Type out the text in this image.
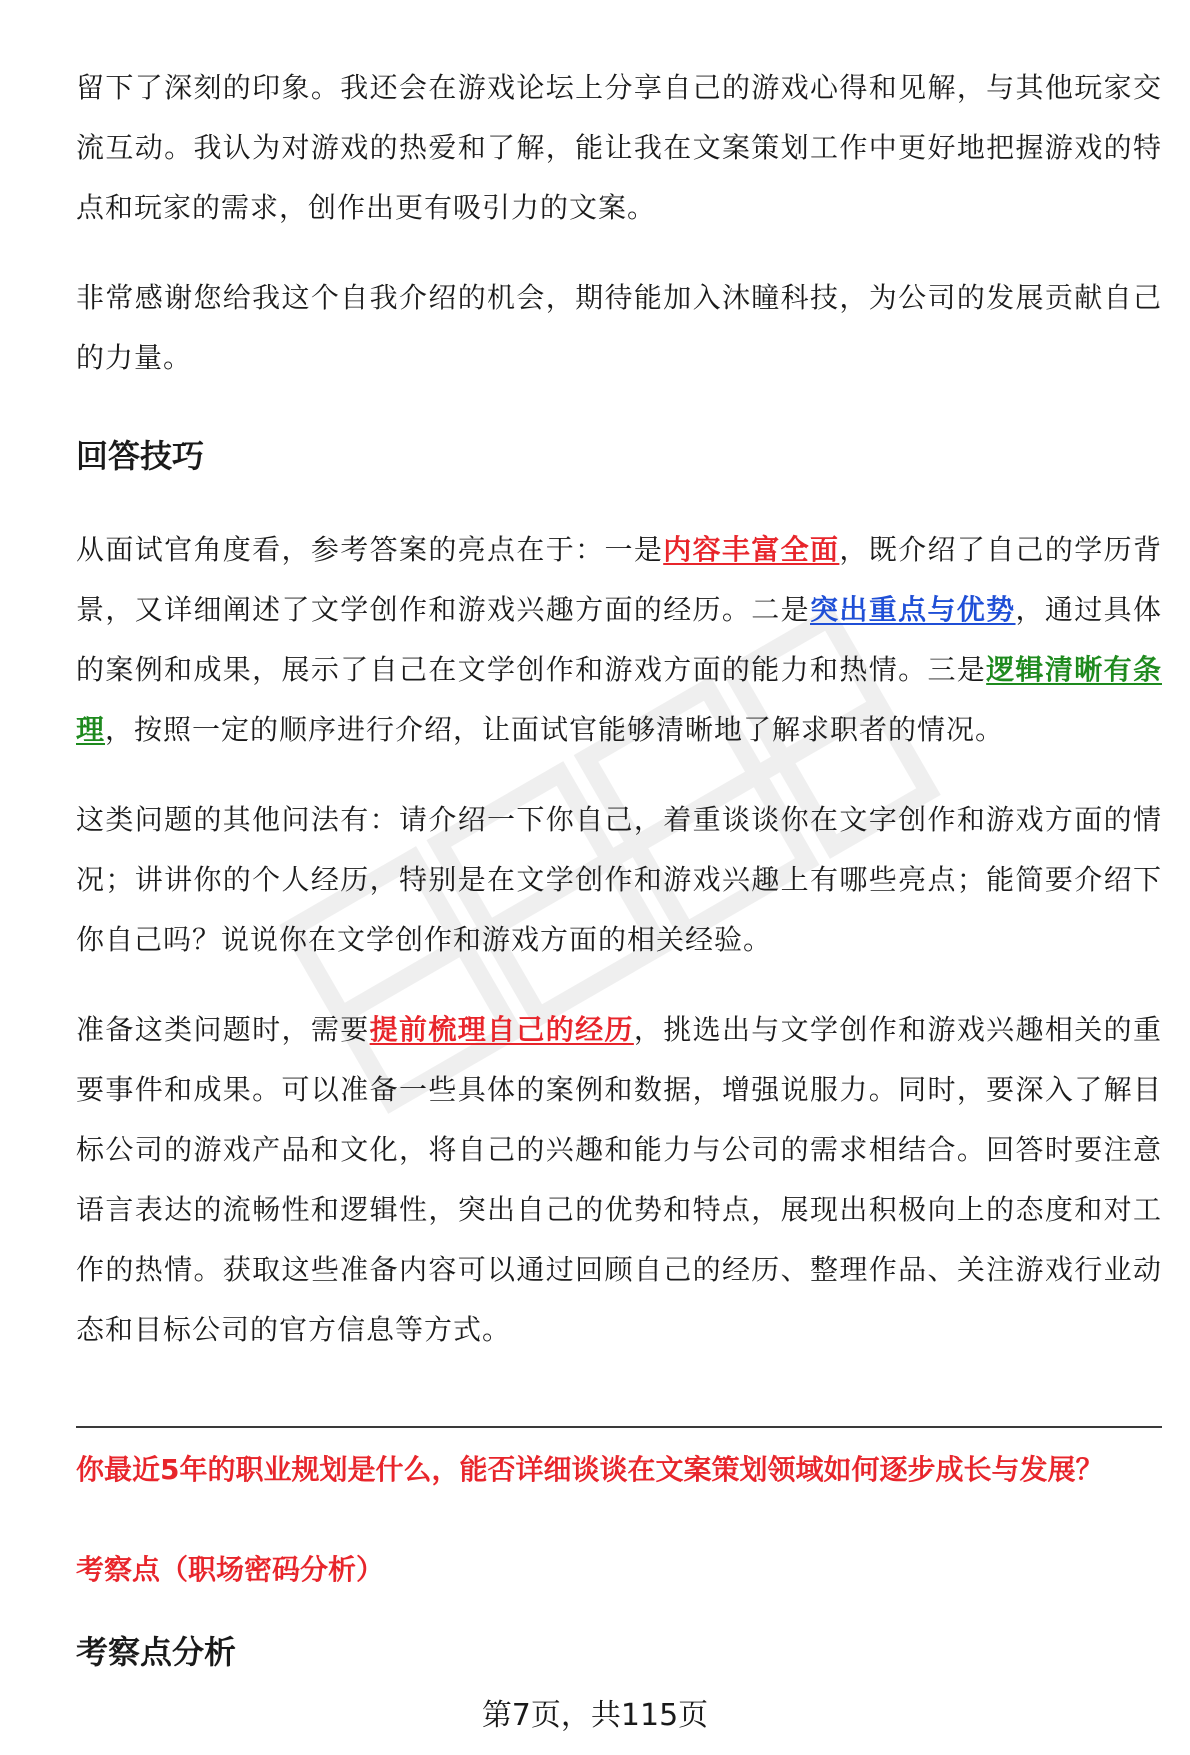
留下了深刻的印象。我还会在游戏论坛上分享自己的游戏心得和见解，与其他玩家交流互动。我认为对游戏的热爱和了解，能让我在文案策划工作中更好地把握游戏的特点和玩家的需求，创作出更有吸引力的文案。

非常感谢您给我这个自我介绍的机会，期待能加入沐瞳科技，为公司的发展贡献自己的力量。

回答技巧

从面试官角度看，参考答案的亮点在于：一是内容丰富全面，既介绍了自己的学历背景，又详细阐述了文学创作和游戏兴趣方面的经历。二是突出重点与优势，通过具体的案例和成果，展示了自己在文学创作和游戏方面的能力和热情。三是逻辑清晰有条理，按照一定的顺序进行介绍，让面试官能够清晰地了解求职者的情况。

这类问题的其他问法有：请介绍一下你自己，着重谈谈你在文字创作和游戏方面的情况；讲讲你的个人经历，特别是在文学创作和游戏兴趣上有哪些亮点；能简要介绍下你自己吗？说说你在文学创作和游戏方面的相关经验。

准备这类问题时，需要提前梳理自己的经历，挑选出与文学创作和游戏兴趣相关的重要事件和成果。可以准备一些具体的案例和数据，增强说服力。同时，要深入了解目标公司的游戏产品和文化，将自己的兴趣和能力与公司的需求相结合。回答时要注意语言表达的流畅性和逻辑性，突出自己的优势和特点，展现出积极向上的态度和对工作的热情。获取这些准备内容可以通过回顾自己的经历、整理作品、关注游戏行业动态和目标公司的官方信息等方式。

你最近5年的职业规划是什么，能否详细谈谈在文案策划领域如何逐步成长与发展？

考察点（职场密码分析）

考察点分析
第7页，共115页
